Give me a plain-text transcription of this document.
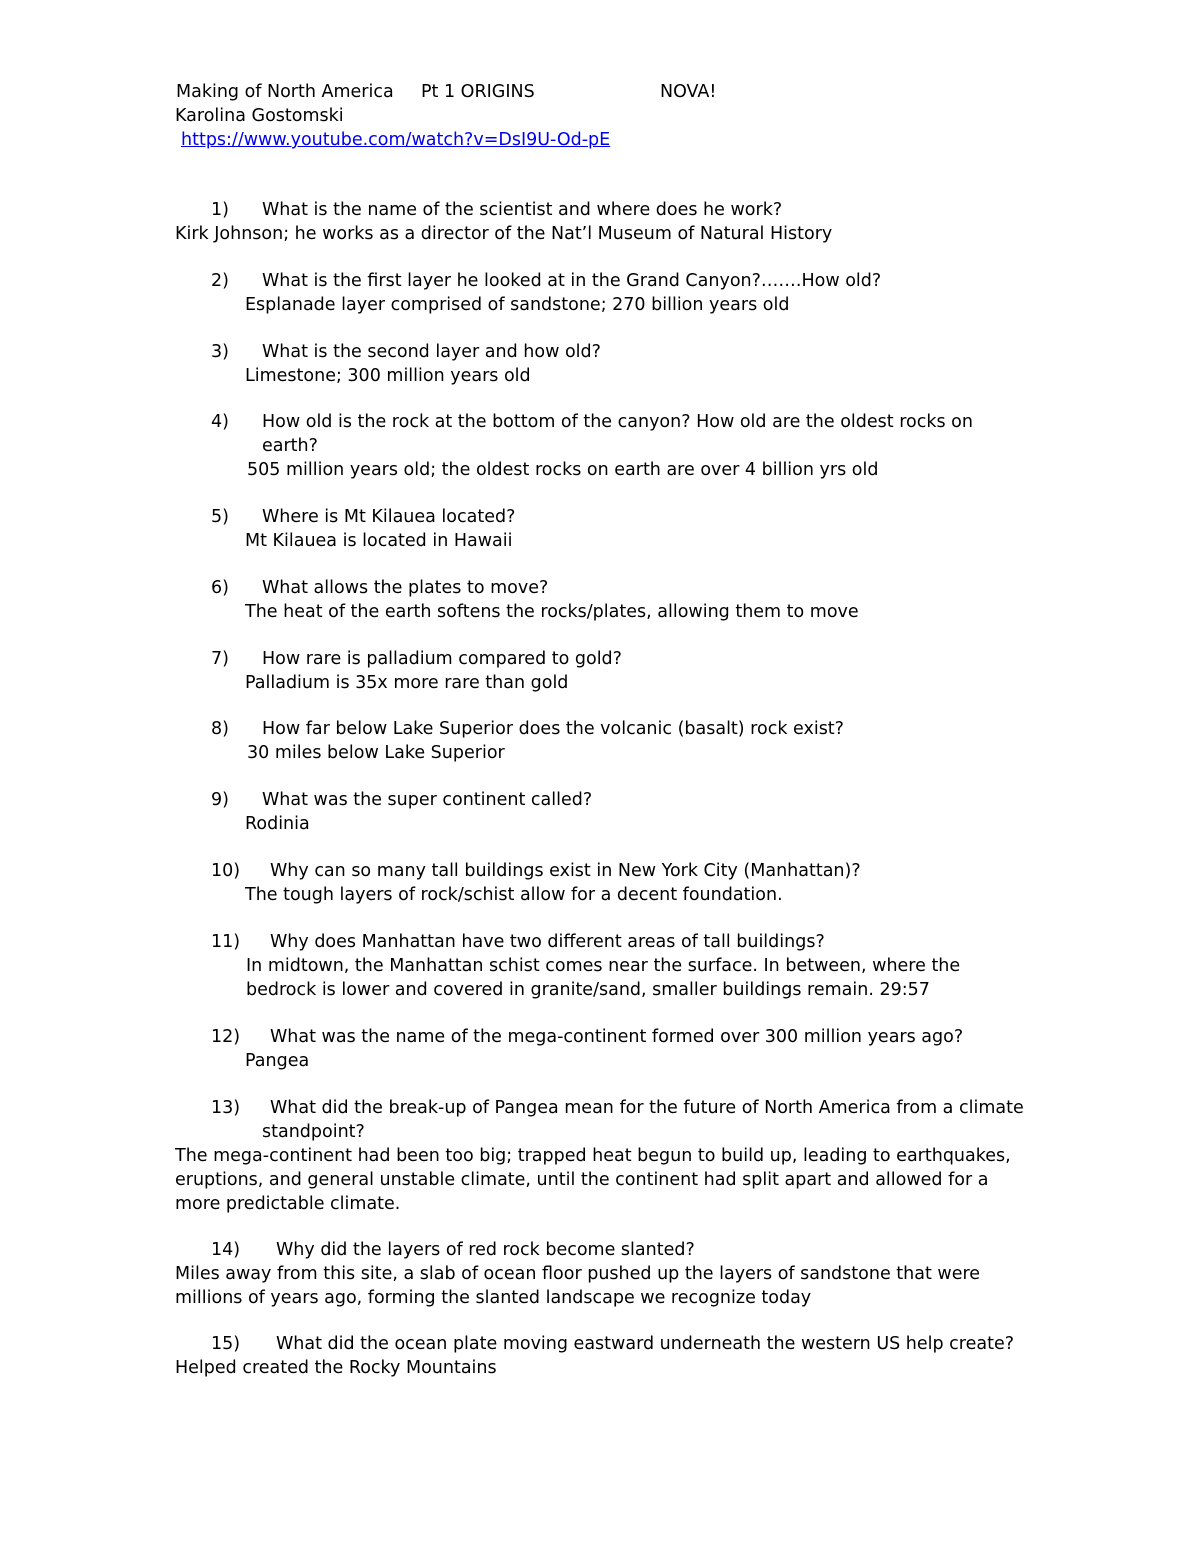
Making of North America Pt 1 ORIGINS	NOVA!
Karolina Gostomski
https://www.youtube.com/watch?v=DsI9U-Od-pE
1) What is the name of the scientist and where does he work?
Kirk Johnson; he works as a director of the Nat’l Museum of Natural History
2) What is the first layer he looked at in the Grand Canyon?…….How old?
Esplanade layer comprised of sandstone; 270 billion years old
3) What is the second layer and how old?
Limestone; 300 million years old
4) How old is the rock at the bottom of the canyon? How old are the oldest rocks on
earth?
505 million years old; the oldest rocks on earth are over 4 billion yrs old
5) Where is Mt Kilauea located?
Mt Kilauea is located in Hawaii
6) What allows the plates to move?
The heat of the earth softens the rocks/plates, allowing them to move
7) How rare is palladium compared to gold?
Palladium is 35x more rare than gold
8) How far below Lake Superior does the volcanic (basalt) rock exist?
30 miles below Lake Superior
9) What was the super continent called?
Rodinia
10) Why can so many tall buildings exist in New York City (Manhattan)?
The tough layers of rock/schist allow for a decent foundation.
11) Why does Manhattan have two different areas of tall buildings?
In midtown, the Manhattan schist comes near the surface. In between, where the
bedrock is lower and covered in granite/sand, smaller buildings remain. 29:57
12) What was the name of the mega-continent formed over 300 million years ago?
Pangea
13) What did the break-up of Pangea mean for the future of North America from a climate
standpoint?
The mega-continent had been too big; trapped heat begun to build up, leading to earthquakes,
eruptions, and general unstable climate, until the continent had split apart and allowed for a
more predictable climate.
14) Why did the layers of red rock become slanted?
Miles away from this site, a slab of ocean floor pushed up the layers of sandstone that were
millions of years ago, forming the slanted landscape we recognize today
15) What did the ocean plate moving eastward underneath the western US help create?
Helped created the Rocky Mountains
